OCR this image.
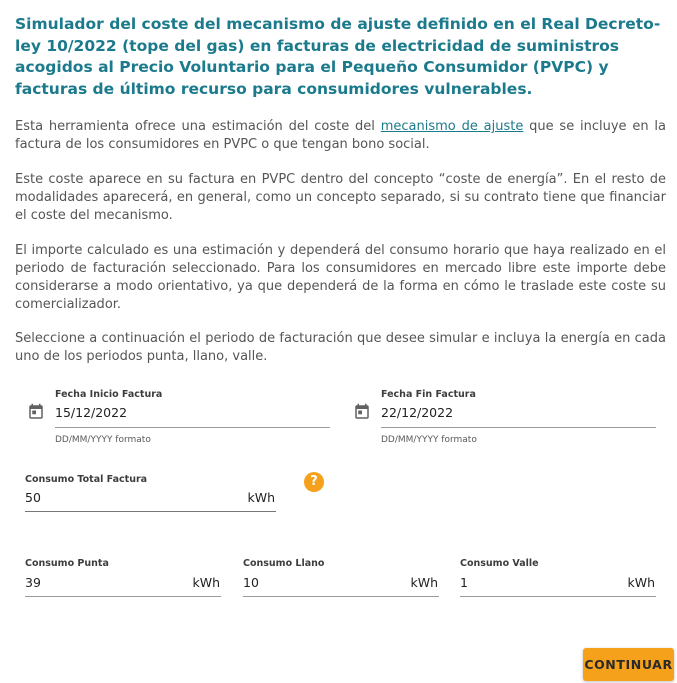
Simulador del coste del mecanismo de ajuste definido en el Real Decreto-ley 10/2022 (tope del gas) en facturas de electricidad de suministros acogidos al Precio Voluntario para el Pequeño Consumidor (PVPC) y facturas de último recurso para consumidores vulnerables.

Esta herramienta ofrece una estimación del coste del mecanismo de ajuste que se incluye en la factura de los consumidores en PVPC o que tengan bono social.

Este coste aparece en su factura en PVPC dentro del concepto “coste de energía”. En el resto de modalidades aparecerá, en general, como un concepto separado, si su contrato tiene que financiar el coste del mecanismo.

El importe calculado es una estimación y dependerá del consumo horario que haya realizado en el periodo de facturación seleccionado. Para los consumidores en mercado libre este importe debe considerarse a modo orientativo, ya que dependerá de la forma en cómo le traslade este coste su comercializador.

Seleccione a continuación el periodo de facturación que desee simular e incluya la energía en cada uno de los periodos punta, llano, valle.

Fecha Inicio Factura
15/12/2022
DD/MM/YYYY formato
Fecha Fin Factura
22/12/2022
DD/MM/YYYY formato
Consumo Total Factura
50	kWh
?
Consumo Punta
39	kWh
Consumo Llano
10	kWh
Consumo Valle
1	kWh
CONTINUAR
